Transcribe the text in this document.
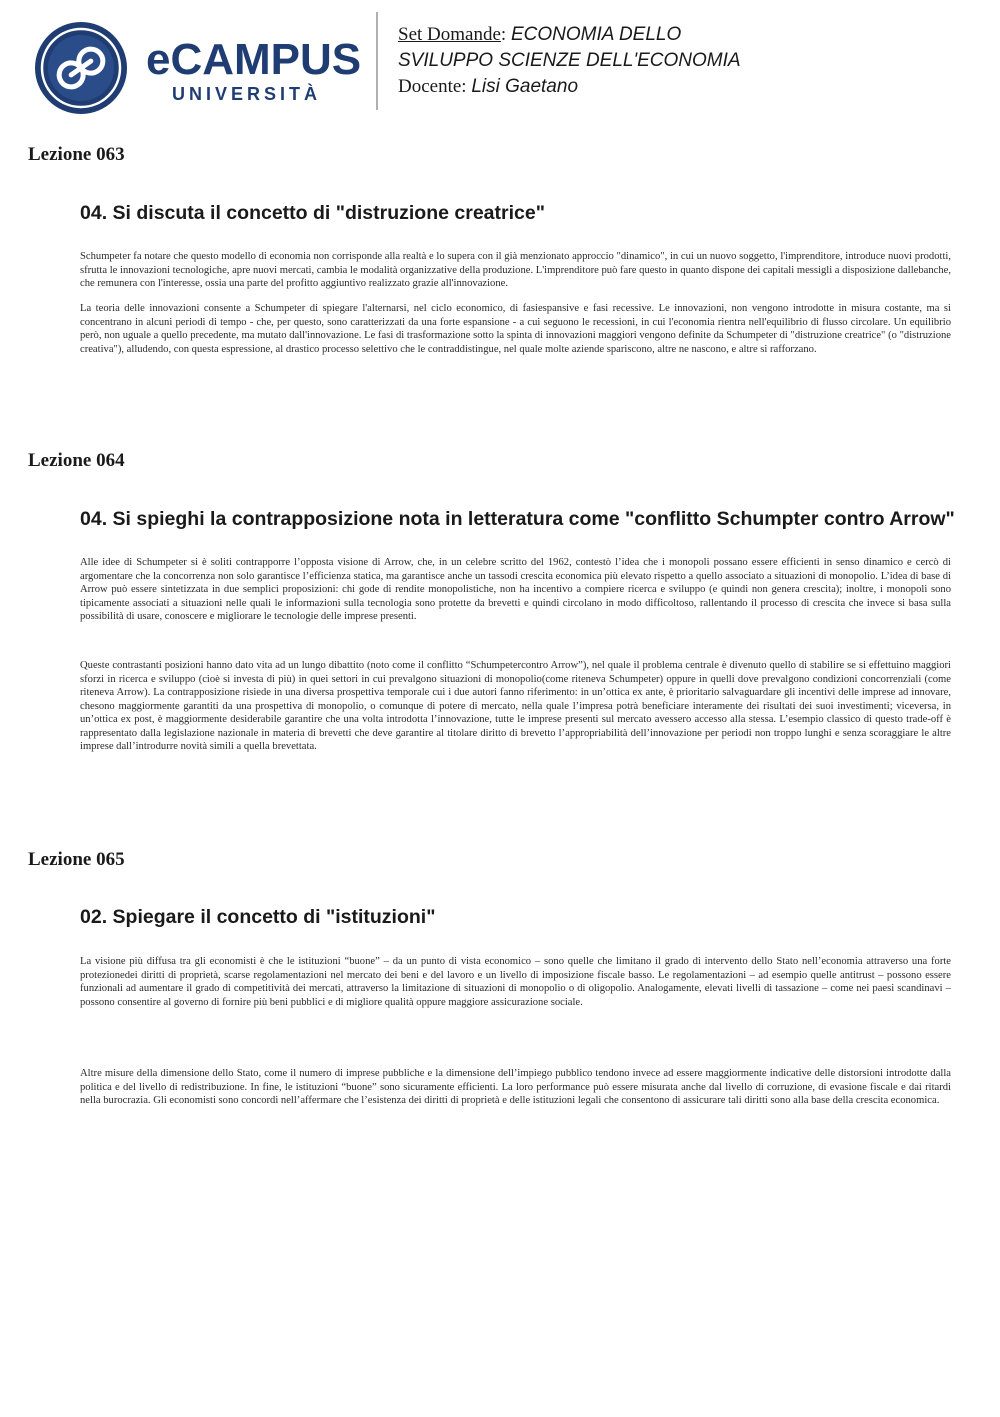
eCAMPUS
UNIVERSITÀ
Set Domande: ECONOMIA DELLO
SVILUPPO SCIENZE DELL'ECONOMIA
Docente: Lisi Gaetano
Lezione 063
04. Si discuta il concetto di "distruzione creatrice"

Schumpeter fa notare che questo modello di economia non corrisponde alla realtà e lo supera con il già menzionato approccio "dinamico", in cui un nuovo soggetto, l'imprenditore, introduce nuovi prodotti, sfrutta le innovazioni tecnologiche, apre nuovi mercati, cambia le modalità organizzative della produzione. L'imprenditore può fare questo in quanto dispone dei capitali messigli a disposizione dallebanche, che remunera con l'interesse, ossia una parte del profitto aggiuntivo realizzato grazie all'innovazione.

La teoria delle innovazioni consente a Schumpeter di spiegare l'alternarsi, nel ciclo economico, di fasiespansive e fasi recessive. Le innovazioni, non vengono introdotte in misura costante, ma si concentrano in alcuni periodi di tempo - che, per questo, sono caratterizzati da una forte espansione - a cui seguono le recessioni, in cui l'economia rientra nell'equilibrio di flusso circolare. Un equilibrio però, non uguale a quello precedente, ma mutato dall'innovazione. Le fasi di trasformazione sotto la spinta di innovazioni maggiori vengono definite da Schumpeter di "distruzione creatrice" (o "distruzione creativa"), alludendo, con questa espressione, al drastico processo selettivo che le contraddistingue, nel quale molte aziende spariscono, altre ne nascono, e altre si rafforzano.

Lezione 064
04. Si spieghi la contrapposizione nota in letteratura come "conflitto Schumpter contro Arrow"

Alle idee di Schumpeter si è soliti contrapporre l’opposta visione di Arrow, che, in un celebre scritto del 1962, contestò l’idea che i monopoli possano essere efficienti in senso dinamico e cercò di argomentare che la concorrenza non solo garantisce l’efficienza statica, ma garantisce anche un tassodi crescita economica più elevato rispetto a quello associato a situazioni di monopolio. L’idea di base di Arrow può essere sintetizzata in due semplici proposizioni: chi gode di rendite monopolistiche, non ha incentivo a compiere ricerca e sviluppo (e quindi non genera crescita); inoltre, i monopoli sono tipicamente associati a situazioni nelle quali le informazioni sulla tecnologia sono protette da brevetti e quindi circolano in modo difficoltoso, rallentando il processo di crescita che invece si basa sulla possibilità di usare, conoscere e migliorare le tecnologie delle imprese presenti.

Queste contrastanti posizioni hanno dato vita ad un lungo dibattito (noto come il conflitto “Schumpetercontro Arrow”), nel quale il problema centrale è divenuto quello di stabilire se si effettuino maggiori sforzi in ricerca e sviluppo (cioè si investa di più) in quei settori in cui prevalgono situazioni di monopolio(come riteneva Schumpeter) oppure in quelli dove prevalgono condizioni concorrenziali (come riteneva Arrow). La contrapposizione risiede in una diversa prospettiva temporale cui i due autori fanno riferimento: in un’ottica ex ante, è prioritario salvaguardare gli incentivi delle imprese ad innovare, chesono maggiormente garantiti da una prospettiva di monopolio, o comunque di potere di mercato, nella quale l’impresa potrà beneficiare interamente dei risultati dei suoi investimenti; viceversa, in un’ottica ex post, è maggiormente desiderabile garantire che una volta introdotta l’innovazione, tutte le imprese presenti sul mercato avessero accesso alla stessa. L’esempio classico di questo trade-off è rappresentato dalla legislazione nazionale in materia di brevetti che deve garantire al titolare diritto di brevetto l’appropriabilità dell’innovazione per periodi non troppo lunghi e senza scoraggiare le altre imprese dall’introdurre novità simili a quella brevettata.

Lezione 065
02. Spiegare il concetto di "istituzioni"

La visione più diffusa tra gli economisti è che le istituzioni “buone” – da un punto di vista economico – sono quelle che limitano il grado di intervento dello Stato nell’economia attraverso una forte protezionedei diritti di proprietà, scarse regolamentazioni nel mercato dei beni e del lavoro e un livello di imposizione fiscale basso. Le regolamentazioni – ad esempio quelle antitrust – possono essere funzionali ad aumentare il grado di competitività dei mercati, attraverso la limitazione di situazioni di monopolio o di oligopolio. Analogamente, elevati livelli di tassazione – come nei paesi scandinavi – possono consentire al governo di fornire più beni pubblici e di migliore qualità oppure maggiore assicurazione sociale.

Altre misure della dimensione dello Stato, come il numero di imprese pubbliche e la dimensione dell’impiego pubblico tendono invece ad essere maggiormente indicative delle distorsioni introdotte dalla politica e del livello di redistribuzione. In fine, le istituzioni “buone” sono sicuramente efficienti. La loro performance può essere misurata anche dal livello di corruzione, di evasione fiscale e dai ritardi nella burocrazia. Gli economisti sono concordi nell’affermare che l’esistenza dei diritti di proprietà e delle istituzioni legali che consentono di assicurare tali diritti sono alla base della crescita economica.
